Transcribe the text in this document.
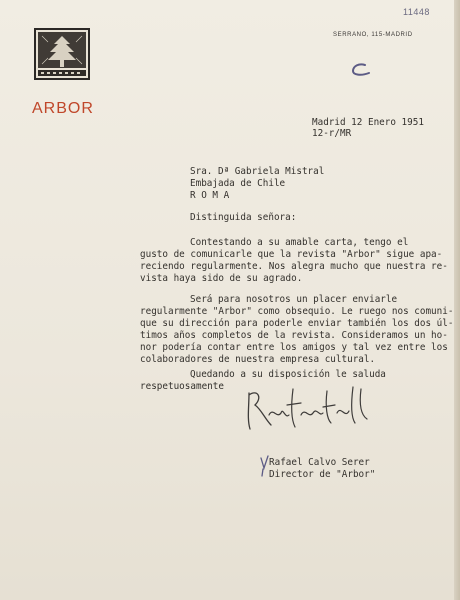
11448
ARBOR
SERRANO, 115-MADRID
Madrid 12 Enero 1951
12-r/MR
Sra. Dª Gabriela Mistral
Embajada de Chile
R O M A
Distinguida señora:
Contestando a su amable carta, tengo el
gusto de comunicarle que la revista "Arbor" sigue apa-
reciendo regularmente. Nos alegra mucho que nuestra re-
vista haya sido de su agrado.
Será para nosotros un placer enviarle
regularmente "Arbor" como obsequio. Le ruego nos comuni-
que su dirección para poderle enviar también los dos úl-
timos años completos de la revista. Consideramos un ho-
nor podería contar entre los amigos y tal vez entre los
colaboradores de nuestra empresa cultural.
Quedando a su disposición le saluda
respetuosamente
Rafael Calvo Serer
Director de "Arbor"
